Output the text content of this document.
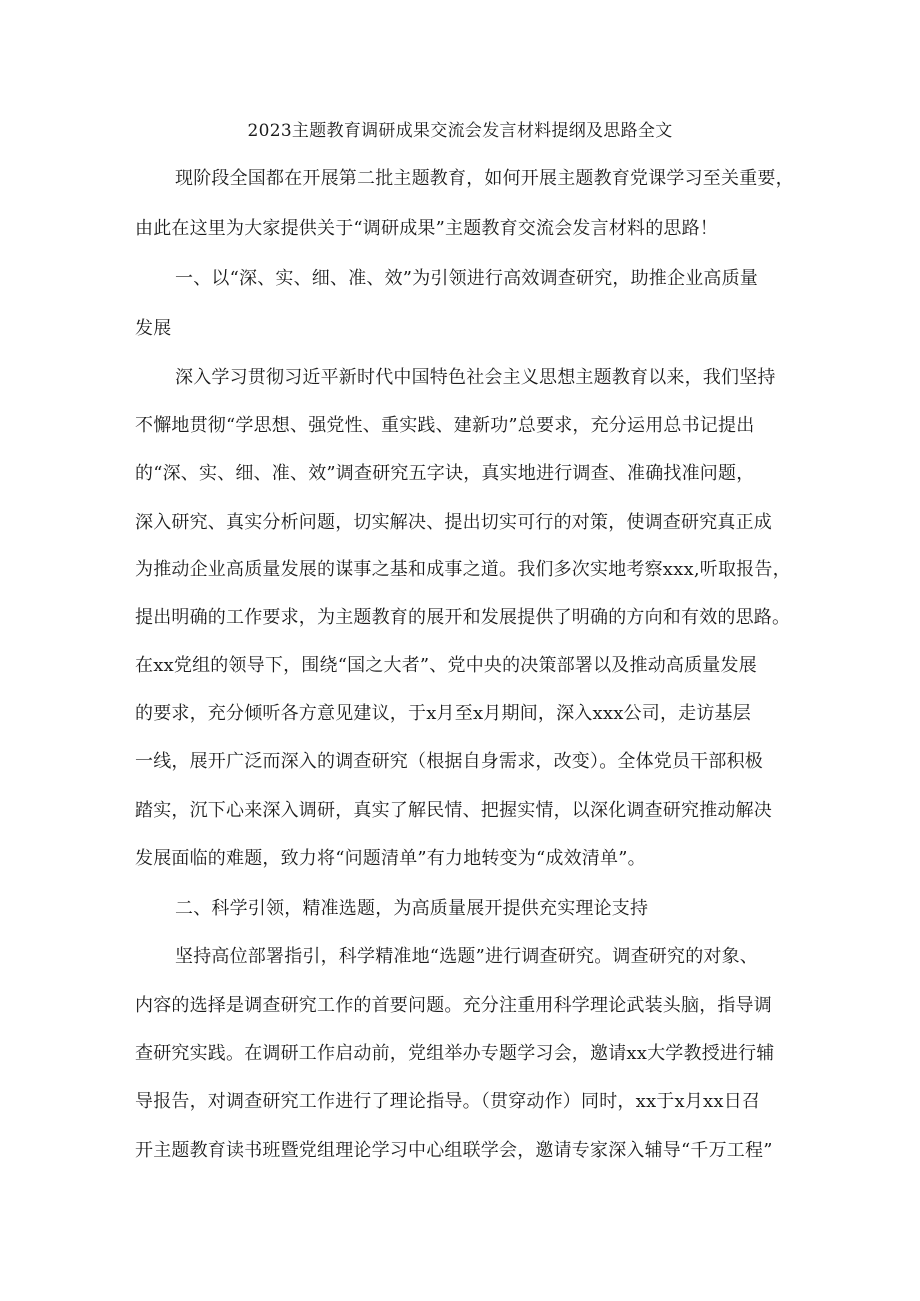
2023主题教育调研成果交流会发言材料提纲及思路全文
现阶段全国都在开展第二批主题教育，如何开展主题教育党课学习至关重要，
由此在这里为大家提供关于“调研成果”主题教育交流会发言材料的思路！
一、以“深、实、细、准、效”为引领进行高效调查研究，助推企业高质量
发展
深入学习贯彻习近平新时代中国特色社会主义思想主题教育以来，我们坚持
不懈地贯彻“学思想、强党性、重实践、建新功”总要求，充分运用总书记提出
的“深、实、细、准、效”调查研究五字诀，真实地进行调查、准确找准问题，
深入研究、真实分析问题，切实解决、提出切实可行的对策，使调查研究真正成
为推动企业高质量发展的谋事之基和成事之道。我们多次实地考察xxx,听取报告，
提出明确的工作要求，为主题教育的展开和发展提供了明确的方向和有效的思路。
在xx党组的领导下，围绕“国之大者”、党中央的决策部署以及推动高质量发展
的要求，充分倾听各方意见建议，于x月至x月期间，深入xxx公司，走访基层
一线，展开广泛而深入的调查研究（根据自身需求，改变）。全体党员干部积极
踏实，沉下心来深入调研，真实了解民情、把握实情，以深化调查研究推动解决
发展面临的难题，致力将“问题清单”有力地转变为“成效清单”。
二、科学引领，精准选题，为高质量展开提供充实理论支持
坚持高位部署指引，科学精准地“选题”进行调查研究。调查研究的对象、
内容的选择是调查研究工作的首要问题。充分注重用科学理论武装头脑，指导调
查研究实践。在调研工作启动前，党组举办专题学习会，邀请xx大学教授进行辅
导报告，对调查研究工作进行了理论指导。（贯穿动作）同时，xx于x月xx日召
开主题教育读书班暨党组理论学习中心组联学会，邀请专家深入辅导“千万工程”
